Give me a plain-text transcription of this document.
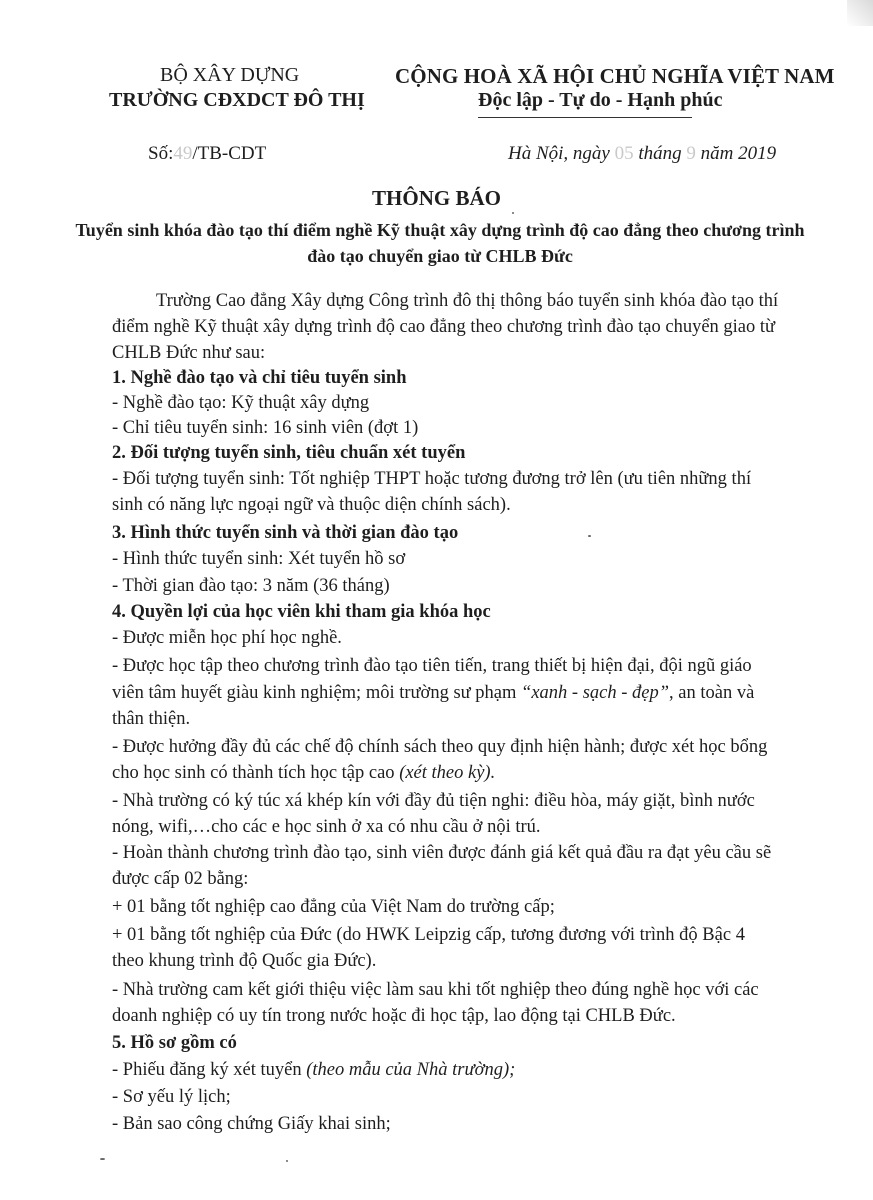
BỘ XÂY DỰNG
TRƯỜNG CĐXDCT ĐÔ THỊ
CỘNG HOÀ XÃ HỘI CHỦ NGHĨA VIỆT NAM
Độc lập - Tự do - Hạnh phúc
Số:49/TB-CDT	Hà Nội, ngày 05 tháng 9 năm 2019
THÔNG BÁO
Tuyển sinh khóa đào tạo thí điểm nghề Kỹ thuật xây dựng trình độ cao đẳng theo chương trình đào tạo chuyển giao từ CHLB Đức
Trường Cao đẳng Xây dựng Công trình đô thị thông báo tuyển sinh khóa đào tạo thí
điểm nghề Kỹ thuật xây dựng trình độ cao đẳng theo chương trình đào tạo chuyển giao từ
CHLB Đức như sau:
1. Nghề đào tạo và chỉ tiêu tuyển sinh
- Nghề đào tạo: Kỹ thuật xây dựng
- Chỉ tiêu tuyển sinh: 16 sinh viên (đợt 1)
2. Đối tượng tuyển sinh, tiêu chuẩn xét tuyển
- Đối tượng tuyển sinh: Tốt nghiệp THPT hoặc tương đương trở lên (ưu tiên những thí
sinh có năng lực ngoại ngữ và thuộc diện chính sách).
3. Hình thức tuyển sinh và thời gian đào tạo
- Hình thức tuyển sinh: Xét tuyển hồ sơ
- Thời gian đào tạo: 3 năm (36 tháng)
4. Quyền lợi của học viên khi tham gia khóa học
- Được miễn học phí học nghề.
- Được học tập theo chương trình đào tạo tiên tiến, trang thiết bị hiện đại, đội ngũ giáo
viên tâm huyết giàu kinh nghiệm; môi trường sư phạm “xanh - sạch - đẹp”, an toàn và
thân thiện.
- Được hưởng đầy đủ các chế độ chính sách theo quy định hiện hành; được xét học bổng
cho học sinh có thành tích học tập cao (xét theo kỳ).
- Nhà trường có ký túc xá khép kín với đầy đủ tiện nghi: điều hòa, máy giặt, bình nước
nóng, wifi,…cho các e học sinh ở xa có nhu cầu ở nội trú.
- Hoàn thành chương trình đào tạo, sinh viên được đánh giá kết quả đầu ra đạt yêu cầu sẽ
được cấp 02 bằng:
+ 01 bằng tốt nghiệp cao đẳng của Việt Nam do trường cấp;
+ 01 bằng tốt nghiệp của Đức (do HWK Leipzig cấp, tương đương với trình độ Bậc 4
theo khung trình độ Quốc gia Đức).
- Nhà trường cam kết giới thiệu việc làm sau khi tốt nghiệp theo đúng nghề học với các
doanh nghiệp có uy tín trong nước hoặc đi học tập, lao động tại CHLB Đức.
5. Hồ sơ gồm có
- Phiếu đăng ký xét tuyển (theo mẫu của Nhà trường);
- Sơ yếu lý lịch;
- Bản sao công chứng Giấy khai sinh;
